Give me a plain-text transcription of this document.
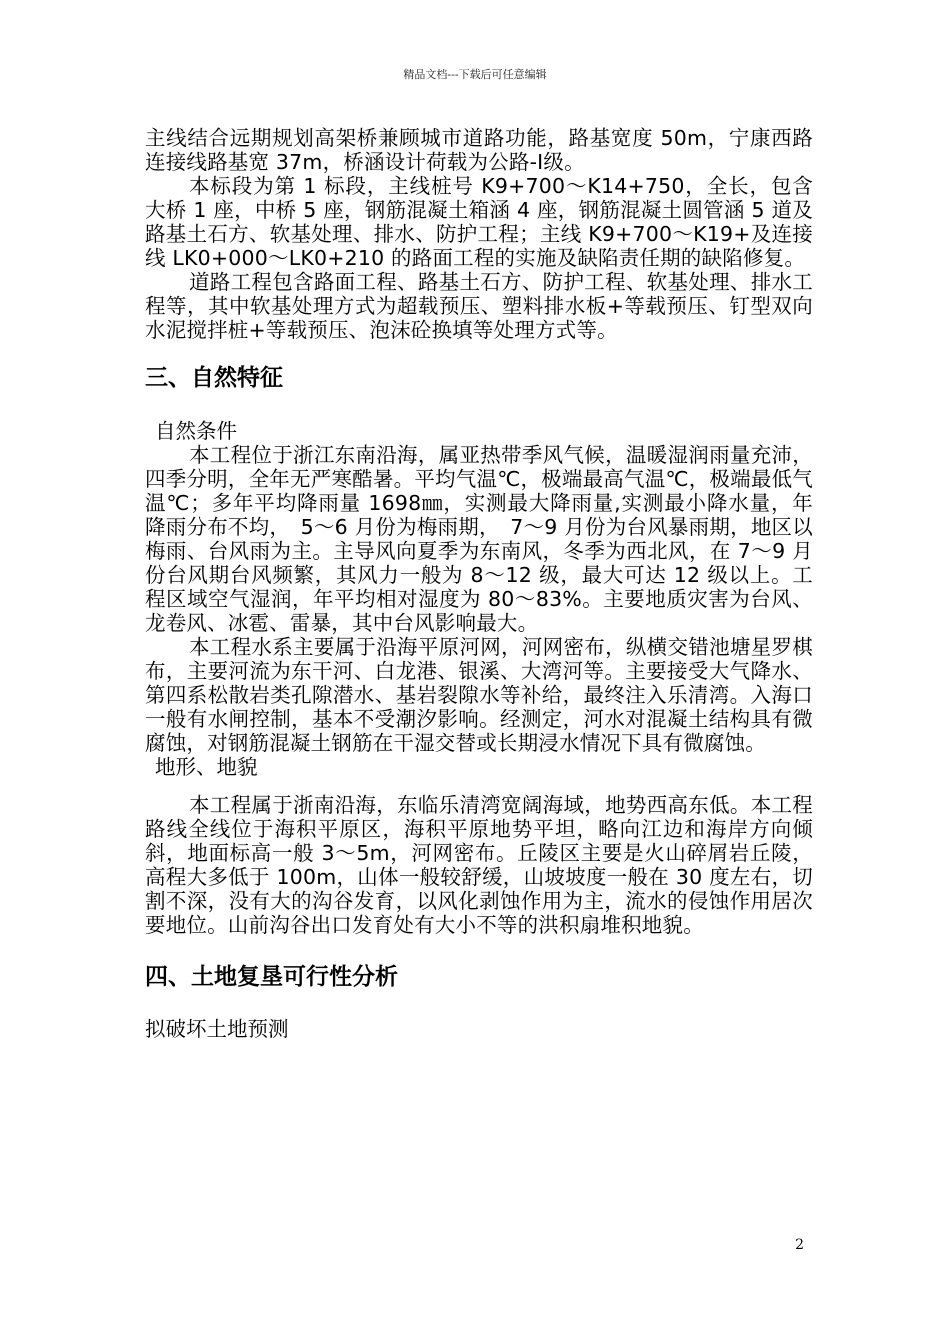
精品文档---下载后可任意编辑

主线结合远期规划高架桥兼顾城市道路功能，路基宽度 50m，宁康西路连接线路基宽 37m，桥涵设计荷载为公路-Ⅰ级。

本标段为第 1 标段，主线桩号 K9+700～K14+750，全长，包含大桥 1 座，中桥 5 座，钢筋混凝土箱涵 4 座，钢筋混凝土圆管涵 5 道及路基土石方、软基处理、排水、防护工程；主线 K9+700～K19+及连接线 LK0+000～LK0+210 的路面工程的实施及缺陷责任期的缺陷修复。

道路工程包含路面工程、路基土石方、防护工程、软基处理、排水工程等，其中软基处理方式为超载预压、塑料排水板+等载预压、钉型双向水泥搅拌桩+等载预压、泡沫砼换填等处理方式等。

三、自然特征

自然条件

本工程位于浙江东南沿海，属亚热带季风气候，温暖湿润雨量充沛，四季分明，全年无严寒酷暑。平均气温℃，极端最高气温℃，极端最低气温℃；多年平均降雨量 1698㎜，实测最大降雨量,实测最小降水量，年降雨分布不均，　5～6 月份为梅雨期，　7～9 月份为台风暴雨期，地区以梅雨、台风雨为主。主导风向夏季为东南风，冬季为西北风，在 7～9 月份台风期台风频繁，其风力一般为 8～12 级，最大可达 12 级以上。工程区域空气湿润，年平均相对湿度为 80～83%。主要地质灾害为台风、龙卷风、冰雹、雷暴，其中台风影响最大。

本工程水系主要属于沿海平原河网，河网密布，纵横交错池塘星罗棋布，主要河流为东干河、白龙港、银溪、大湾河等。主要接受大气降水、第四系松散岩类孔隙潜水、基岩裂隙水等补给，最终注入乐清湾。入海口一般有水闸控制，基本不受潮汐影响。经测定，河水对混凝土结构具有微腐蚀，对钢筋混凝土钢筋在干湿交替或长期浸水情况下具有微腐蚀。

地形、地貌

本工程属于浙南沿海，东临乐清湾宽阔海域，地势西高东低。本工程路线全线位于海积平原区，海积平原地势平坦，略向江边和海岸方向倾斜，地面标高一般 3～5m，河网密布。丘陵区主要是火山碎屑岩丘陵，高程大多低于 100m，山体一般较舒缓，山坡坡度一般在 30 度左右，切割不深，没有大的沟谷发育，以风化剥蚀作用为主，流水的侵蚀作用居次要地位。山前沟谷出口发育处有大小不等的洪积扇堆积地貌。

四、土地复垦可行性分析

拟破坏土地预测

2
